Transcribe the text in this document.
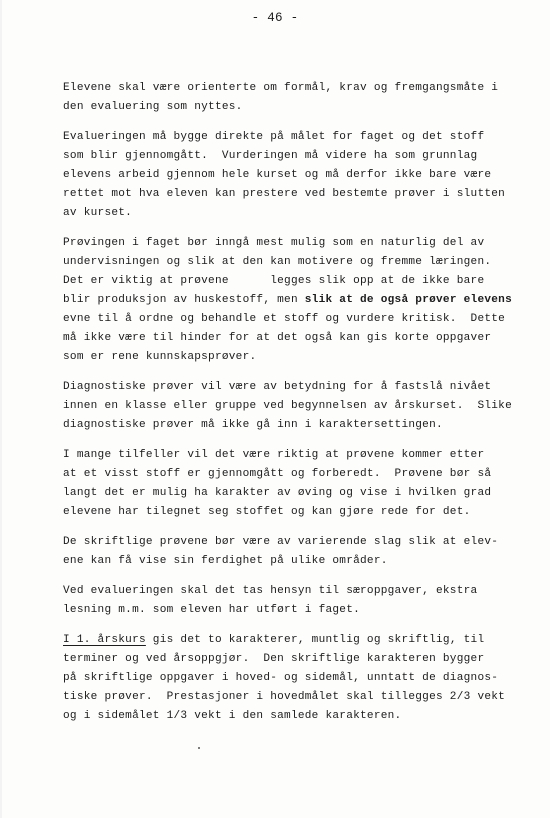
- 46 -

Elevene skal være orienterte om formål, krav og fremgangsmåte i
den evaluering som nyttes.

Evalueringen må bygge direkte på målet for faget og det stoff
som blir gjennomgått.  Vurderingen må videre ha som grunnlag
elevens arbeid gjennom hele kurset og må derfor ikke bare være
rettet mot hva eleven kan prestere ved bestemte prøver i slutten
av kurset.

Prøvingen i faget bør inngå mest mulig som en naturlig del av
undervisningen og slik at den kan motivere og fremme læringen.
Det er viktig at prøvene      legges slik opp at de ikke bare
blir produksjon av huskestoff, men slik at de også prøver elevens
evne til å ordne og behandle et stoff og vurdere kritisk.  Dette
må ikke være til hinder for at det også kan gis korte oppgaver
som er rene kunnskapsprøver.

Diagnostiske prøver vil være av betydning for å fastslå nivået
innen en klasse eller gruppe ved begynnelsen av årskurset.  Slike
diagnostiske prøver må ikke gå inn i karaktersettingen.

I mange tilfeller vil det være riktig at prøvene kommer etter
at et visst stoff er gjennomgått og forberedt.  Prøvene bør så
langt det er mulig ha karakter av øving og vise i hvilken grad
elevene har tilegnet seg stoffet og kan gjøre rede for det.

De skriftlige prøvene bør være av varierende slag slik at elev-
ene kan få vise sin ferdighet på ulike områder.

Ved evalueringen skal det tas hensyn til særoppgaver, ekstra
lesning m.m. som eleven har utført i faget.

I 1. årskurs gis det to karakterer, muntlig og skriftlig, til
terminer og ved årsoppgjør.  Den skriftlige karakteren bygger
på skriftlige oppgaver i hoved- og sidemål, unntatt de diagnos-
tiske prøver.  Prestasjoner i hovedmålet skal tillegges 2/3 vekt
og i sidemålet 1/3 vekt i den samlede karakteren.
